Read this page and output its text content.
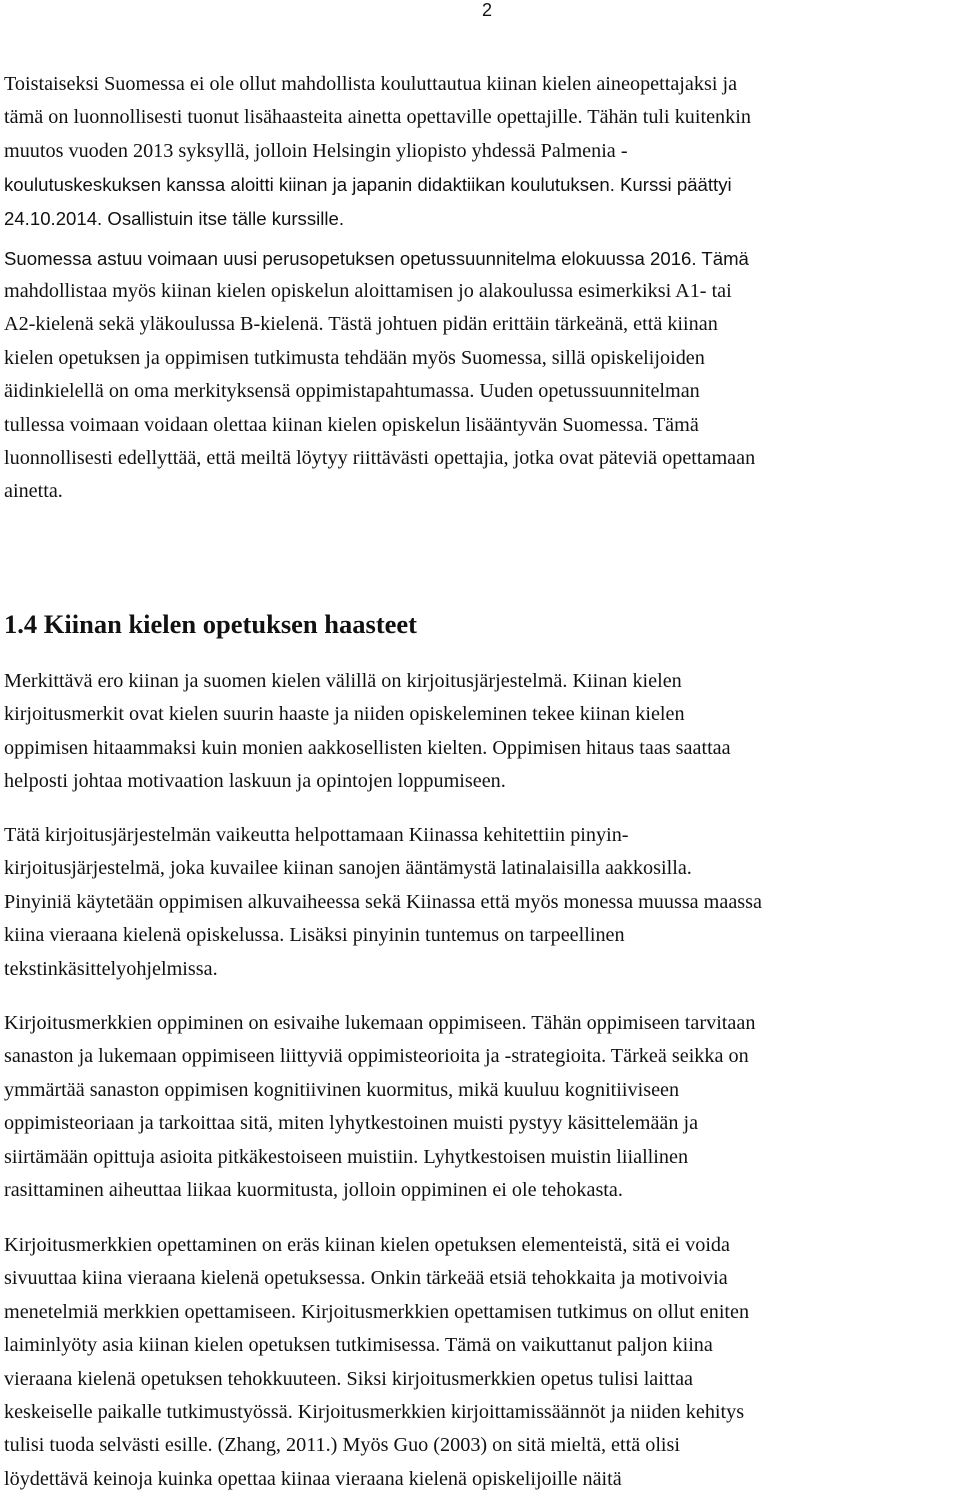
2

Toistaiseksi Suomessa ei ole ollut mahdollista kouluttautua kiinan kielen aineopettajaksi ja
tämä on luonnollisesti tuonut lisähaasteita ainetta opettaville opettajille. Tähän tuli kuitenkin
muutos vuoden 2013 syksyllä, jolloin Helsingin yliopisto yhdessä Palmenia -
koulutuskeskuksen kanssa aloitti kiinan ja japanin didaktiikan koulutuksen. Kurssi päättyi
24.10.2014. Osallistuin itse tälle kurssille.

Suomessa astuu voimaan uusi perusopetuksen opetussuunnitelma elokuussa 2016. Tämä

mahdollistaa myös kiinan kielen opiskelun aloittamisen jo alakoulussa esimerkiksi A1- tai
A2-kielenä sekä yläkoulussa B-kielenä. Tästä johtuen pidän erittäin tärkeänä, että kiinan
kielen opetuksen ja oppimisen tutkimusta tehdään myös Suomessa, sillä opiskelijoiden
äidinkielellä on oma merkityksensä oppimistapahtumassa. Uuden opetussuunnitelman
tullessa voimaan voidaan olettaa kiinan kielen opiskelun lisääntyvän Suomessa. Tämä
luonnollisesti edellyttää, että meiltä löytyy riittävästi opettajia, jotka ovat päteviä opettamaan
ainetta.

1.4 Kiinan kielen opetuksen haasteet

Merkittävä ero kiinan ja suomen kielen välillä on kirjoitusjärjestelmä. Kiinan kielen
kirjoitusmerkit ovat kielen suurin haaste ja niiden opiskeleminen tekee kiinan kielen
oppimisen hitaammaksi kuin monien aakkosellisten kielten. Oppimisen hitaus taas saattaa
helposti johtaa motivaation laskuun ja opintojen loppumiseen.

Tätä kirjoitusjärjestelmän vaikeutta helpottamaan Kiinassa kehitettiin pinyin-
kirjoitusjärjestelmä, joka kuvailee kiinan sanojen ääntämystä latinalaisilla aakkosilla.
Pinyiniä käytetään oppimisen alkuvaiheessa sekä Kiinassa että myös monessa muussa maassa
kiina vieraana kielenä opiskelussa. Lisäksi pinyinin tuntemus on tarpeellinen
tekstinkäsittelyohjelmissa.

Kirjoitusmerkkien oppiminen on esivaihe lukemaan oppimiseen. Tähän oppimiseen tarvitaan
sanaston ja lukemaan oppimiseen liittyviä oppimisteorioita ja -strategioita. Tärkeä seikka on
ymmärtää sanaston oppimisen kognitiivinen kuormitus, mikä kuuluu kognitiiviseen
oppimisteoriaan ja tarkoittaa sitä, miten lyhytkestoinen muisti pystyy käsittelemään ja
siirtämään opittuja asioita pitkäkestoiseen muistiin. Lyhytkestoisen muistin liiallinen
rasittaminen aiheuttaa liikaa kuormitusta, jolloin oppiminen ei ole tehokasta.

Kirjoitusmerkkien opettaminen on eräs kiinan kielen opetuksen elementeistä, sitä ei voida
sivuuttaa kiina vieraana kielenä opetuksessa. Onkin tärkeää etsiä tehokkaita ja motivoivia
menetelmiä merkkien opettamiseen. Kirjoitusmerkkien opettamisen tutkimus on ollut eniten
laiminlyöty asia kiinan kielen opetuksen tutkimisessa. Tämä on vaikuttanut paljon kiina
vieraana kielenä opetuksen tehokkuuteen. Siksi kirjoitusmerkkien opetus tulisi laittaa
keskeiselle paikalle tutkimustyössä. Kirjoitusmerkkien kirjoittamissäännöt ja niiden kehitys
tulisi tuoda selvästi esille. (Zhang, 2011.) Myös Guo (2003) on sitä mieltä, että olisi
löydettävä keinoja kuinka opettaa kiinaa vieraana kielenä opiskelijoille näitä
